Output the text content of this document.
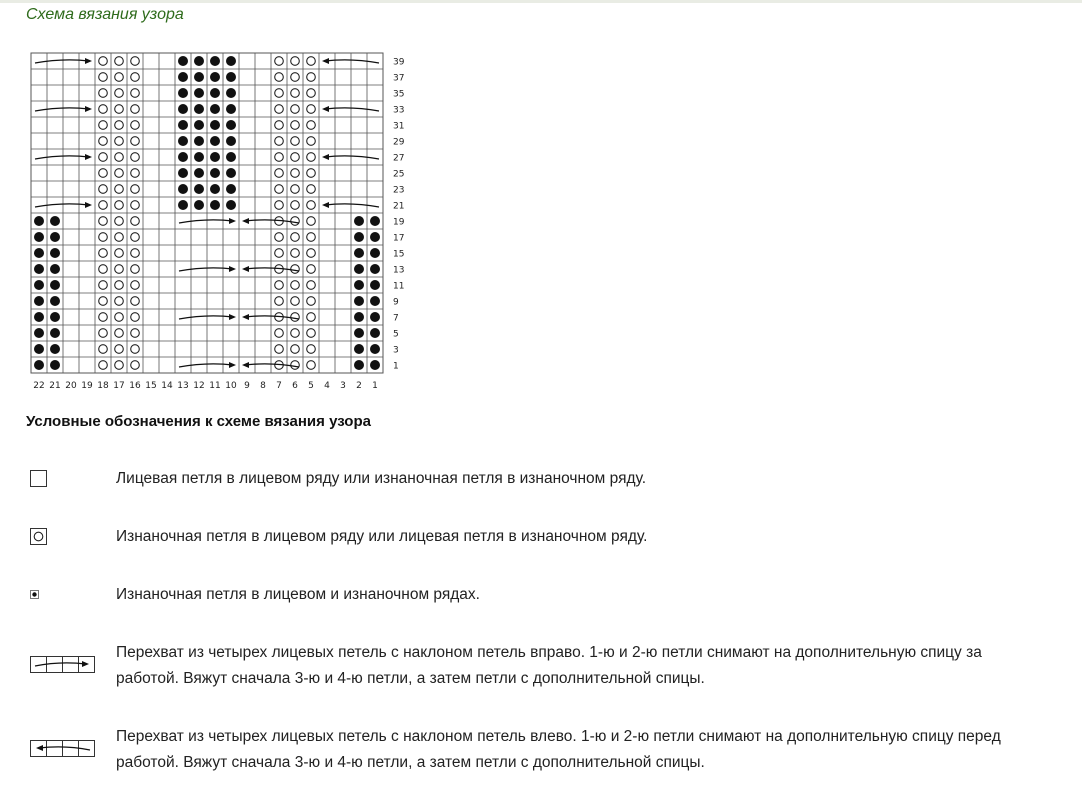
Схема вязания узора
39
37
35
33
31
29
27
25
23
21
19
17
15
13
11
9
7
5
3
1
22 21 20 19 18 17 16 15 14 13 12 11 10 9 8 7 6 5 4 3 2 1
Условные обозначения к схеме вязания узора
Лицевая петля в лицевом ряду или изнаночная петля в изнаночном ряду.
Изнаночная петля в лицевом ряду или лицевая петля в изнаночном ряду.
Изнаночная петля в лицевом и изнаночном рядах.
Перехват из четырех лицевых петель с наклоном петель вправо. 1-ю и 2-ю петли снимают на дополнительную спицу за работой. Вяжут сначала 3-ю и 4-ю петли, а затем петли с дополнительной спицы.
Перехват из четырех лицевых петель с наклоном петель влево. 1-ю и 2-ю петли снимают на дополнительную спицу перед работой. Вяжут сначала 3-ю и 4-ю петли, а затем петли с дополнительной спицы.
